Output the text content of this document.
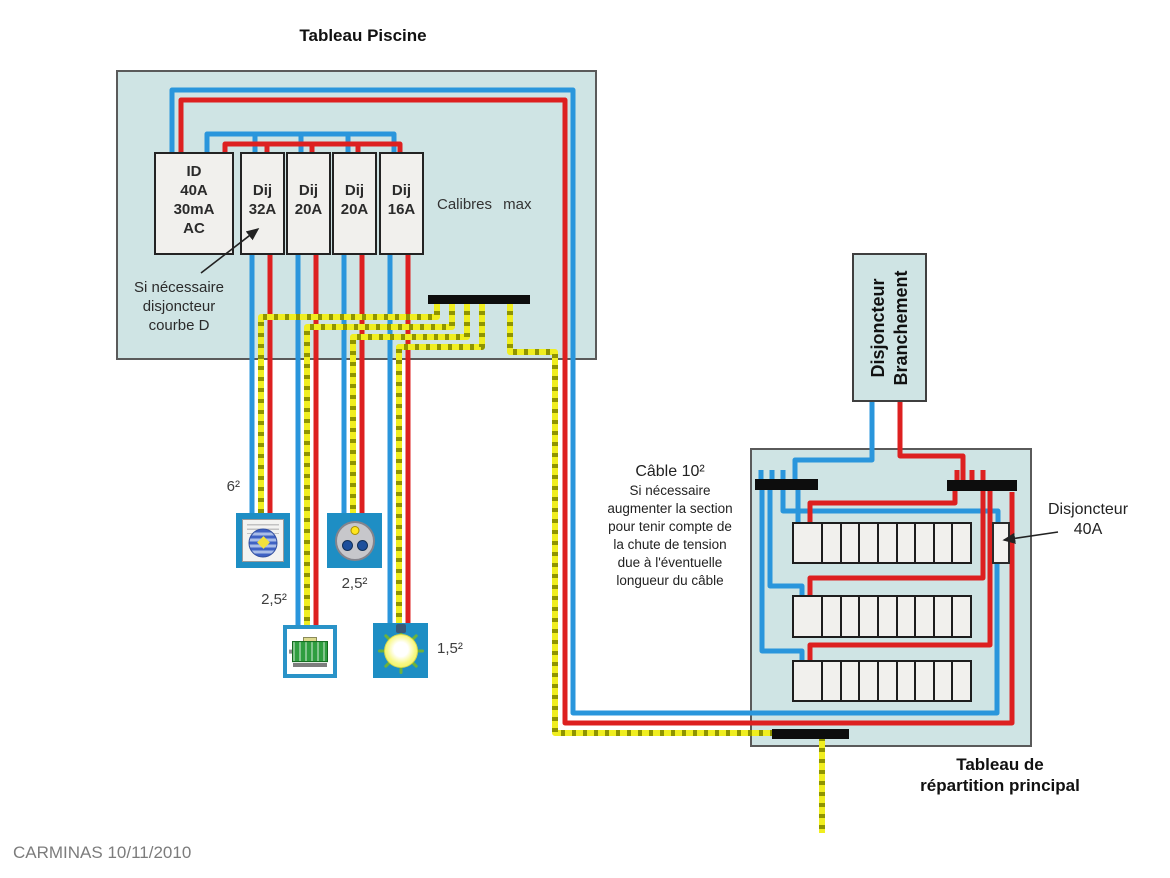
ID
40A
30mA
AC
Dij
32A
Dij
20A
Dij
20A
Dij
16A
Disjoncteur Branchement
Tableau Piscine
Si nécessaire
disjoncteur
courbe D
Calibres max
6²
2,5²
2,5²
1,5²
Câble 10²
Si nécessaire
augmenter la section
pour tenir compte de
la chute de tension
due à l'éventuelle
longueur du câble
Disjoncteur
40A
Tableau de
répartition principal
CARMINAS 10/11/2010
